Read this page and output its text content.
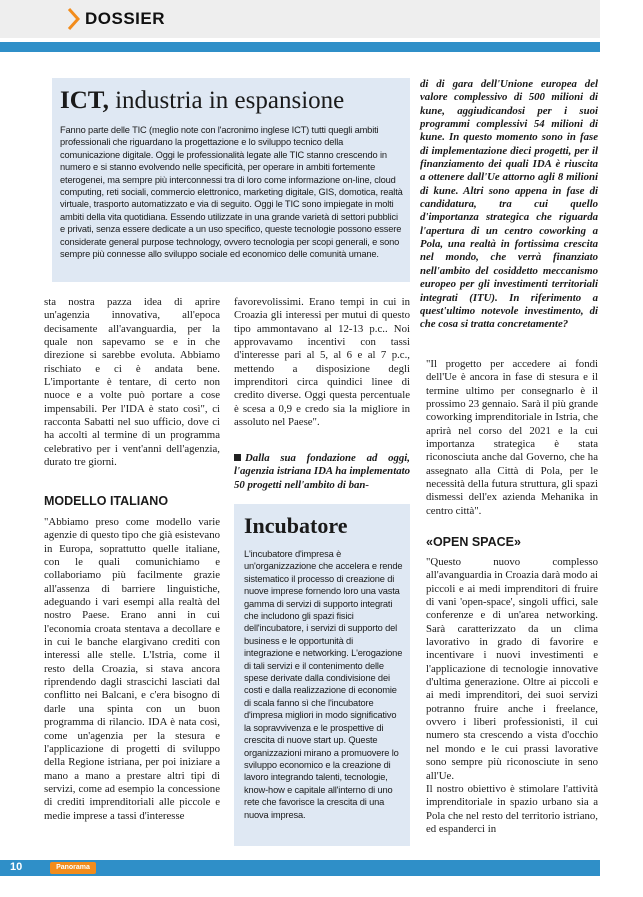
DOSSIER
ICT, industria in espansione
Fanno parte delle TIC (meglio note con l'acronimo inglese ICT) tutti quegli ambiti professionali che riguardano la progettazione e lo sviluppo tecnico della comunicazione digitale. Oggi le professionalità legate alle TIC stanno crescendo in numero e si stanno evolvendo nelle specificità, per operare in ambiti fortemente eterogenei, ma sempre più interconnessi tra di loro come informazione on-line, cloud computing, reti sociali, commercio elettronico, marketing digitale, GIS, domotica, realtà virtuale, trasporto automatizzato e via di seguito. Oggi le TIC sono impiegate in molti ambiti della vita quotidiana. Essendo utilizzate in una grande varietà di settori pubblici e privati, senza essere dedicate a un uso specifico, queste tecnologie possono essere considerate general purpose technology, ovvero tecnologia per scopi generali, e sono sempre più connesse allo sviluppo sociale ed economico delle comunità umane.

sta nostra pazza idea di aprire un'agenzia innovativa, all'epoca decisamente all'avanguardia, per la quale non sapevamo se e in che direzione si sarebbe evoluta. Abbiamo rischiato e ci è andata bene. L'importante è tentare, di certo non nuoce e a volte può portare a cose impensabili. Per l'IDA è stato così", ci racconta Sabatti nel suo ufficio, dove ci ha accolti al termine di un programma celebrativo per i vent'anni dell'agenzia, durato tre giorni.

MODELLO ITALIANO

"Abbiamo preso come modello varie agenzie di questo tipo che già esistevano in Europa, soprattutto quelle italiane, con le quali comunichiamo e collaboriamo più facilmente grazie all'assenza di barriere linguistiche, adeguando i vari esempi alla realtà del nostro Paese. Erano anni in cui l'economia croata stentava a decollare e in cui le banche elargivano crediti con interessi alle stelle. L'Istria, come il resto della Croazia, si stava ancora riprendendo dagli strascichi lasciati dal conflitto nei Balcani, e c'era bisogno di darle una spinta con un buon programma di rilancio. IDA è nata così, come un'agenzia per la stesura e l'applicazione di progetti di sviluppo della Regione istriana, per poi iniziare a mano a mano a prestare altri tipi di servizi, come ad esempio la concessione di crediti imprenditoriali alle piccole e medie imprese a tassi d'interesse

favorevolissimi. Erano tempi in cui in Croazia gli interessi per mutui di questo tipo ammontavano al 12-13 p.c.. Noi approvavamo incentivi con tassi d'interesse pari al 5, al 6 e al 7 p.c., mettendo a disposizione degli imprenditori circa quindici linee di credito diverse. Oggi questa percentuale è scesa a 0,9 e credo sia la migliore in assoluto nel Paese".

Dalla sua fondazione ad oggi, l'agenzia istriana IDA ha implementato 50 progetti nell'ambito di ban-
Incubatore
L'incubatore d'impresa è un'organizzazione che accelera e rende sistematico il processo di creazione di nuove imprese fornendo loro una vasta gamma di servizi di supporto integrati che includono gli spazi fisici dell'incubatore, i servizi di supporto del business e le opportunità di integrazione e networking. L'erogazione di tali servizi e il contenimento delle spese derivate dalla condivisione dei costi e dalla realizzazione di economie di scala fanno sì che l'incubatore d'impresa migliori in modo significativo la sopravvivenza e le prospettive di crescita di nuove start up. Queste organizzazioni mirano a promuovere lo sviluppo economico e la creazione di lavoro integrando talenti, tecnologie, know-how e capitale all'interno di uno rete che favorisce la crescita di una nuova impresa.
di di gara dell'Unione europea del valore complessivo di 500 milioni di kune, aggiudicandosi per i suoi programmi complessivi 54 milioni di kune. In questo momento sono in fase di implementazione dieci progetti, per il finanziamento dei quali IDA è riuscita a ottenere dall'Ue attorno agli 8 milioni di kune. Altri sono appena in fase di candidatura, tra cui quello d'importanza strategica che riguarda l'apertura di un centro coworking a Pola, una realtà in fortissima crescita nel mondo, che verrà finanziato nell'ambito del cosiddetto meccanismo europeo per gli investimenti territoriali integrati (ITU). In riferimento a quest'ultimo notevole investimento, di che cosa si tratta concretamente?

"Il progetto per accedere ai fondi dell'Ue è ancora in fase di stesura e il termine ultimo per consegnarlo è il prossimo 23 gennaio. Sarà il più grande coworking imprenditoriale in Istria, che aprirà nel corso del 2021 e la cui importanza strategica è stata riconosciuta anche dal Governo, che ha assegnato alla Città di Pola, per le necessità della futura struttura, gli spazi dismessi dell'ex azienda Mehanika in centro città".

«OPEN SPACE»

"Questo nuovo complesso all'avanguardia in Croazia darà modo ai piccoli e ai medi imprenditori di fruire di vani 'open-space', singoli uffici, sale conferenze e di un'area networking. Sarà caratterizzato da un clima lavorativo in grado di favorire e incentivare i nuovi investimenti e l'applicazione di tecnologie innovative d'ultima generazione. Oltre ai piccoli e ai medi imprenditori, dei suoi servizi potranno fruire anche i freelance, ovvero i liberi professionisti, il cui numero sta crescendo a vista d'occhio nel mondo e le cui prassi lavorative sono sempre più riconosciute in seno all'Ue.

Il nostro obiettivo è stimolare l'attività imprenditoriale in spazio urbano sia a Pola che nel resto del territorio istriano, ed espanderci in

10	Panorama
